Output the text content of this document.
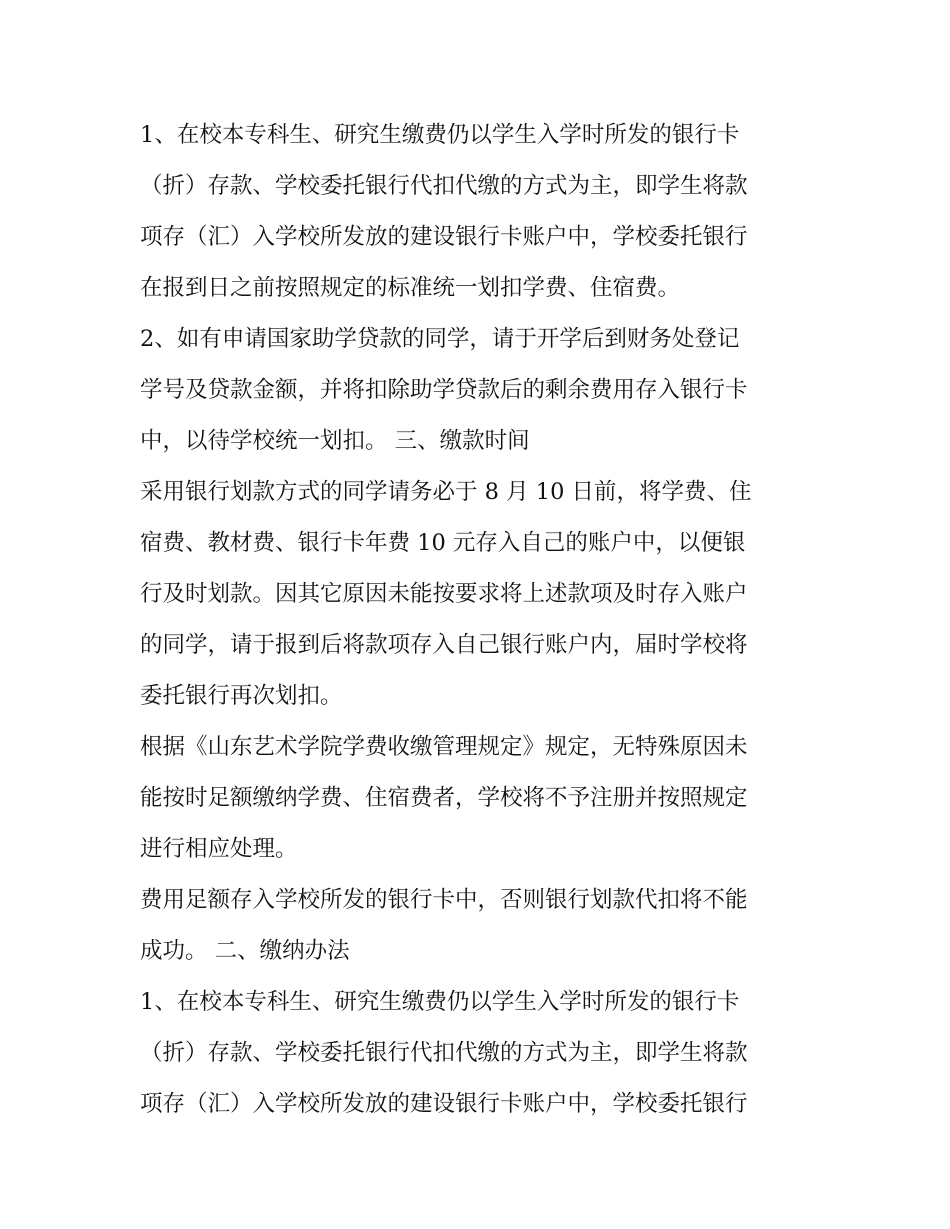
1、在校本专科生、研究生缴费仍以学生入学时所发的银行卡
（折）存款、学校委托银行代扣代缴的方式为主，即学生将款
项存（汇）入学校所发放的建设银行卡账户中，学校委托银行
在报到日之前按照规定的标准统一划扣学费、住宿费。
2、如有申请国家助学贷款的同学，请于开学后到财务处登记
学号及贷款金额，并将扣除助学贷款后的剩余费用存入银行卡
中，以待学校统一划扣。 三、缴款时间
采用银行划款方式的同学请务必于 8 月 10 日前，将学费、住
宿费、教材费、银行卡年费 10 元存入自己的账户中，以便银
行及时划款。因其它原因未能按要求将上述款项及时存入账户
的同学，请于报到后将款项存入自己银行账户内，届时学校将
委托银行再次划扣。
根据《山东艺术学院学费收缴管理规定》规定，无特殊原因未
能按时足额缴纳学费、住宿费者，学校将不予注册并按照规定
进行相应处理。
费用足额存入学校所发的银行卡中，否则银行划款代扣将不能
成功。 二、缴纳办法
1、在校本专科生、研究生缴费仍以学生入学时所发的银行卡
（折）存款、学校委托银行代扣代缴的方式为主，即学生将款
项存（汇）入学校所发放的建设银行卡账户中，学校委托银行
